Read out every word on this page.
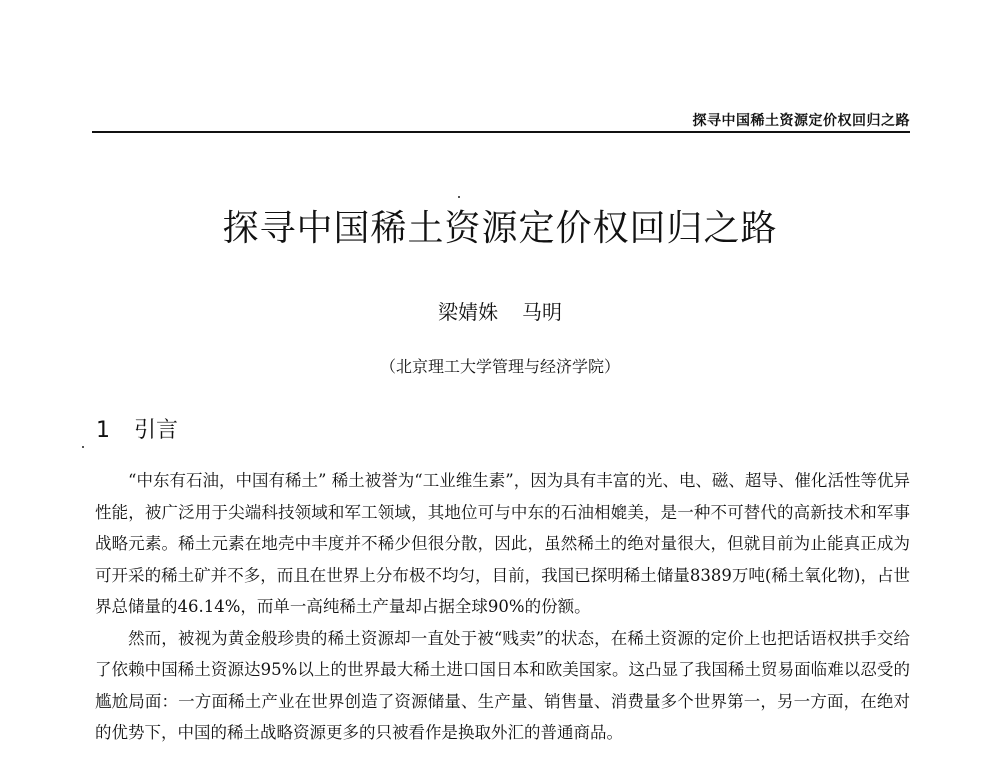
探寻中国稀土资源定价权回归之路
探寻中国稀土资源定价权回归之路
梁婧姝 马明
（北京理工大学管理与经济学院）
1 引言

“中东有石油，中国有稀土” 稀土被誉为“工业维生素”，因为具有丰富的光、电、磁、超导、催化活性等优异性能，被广泛用于尖端科技领域和军工领域，其地位可与中东的石油相媲美，是一种不可替代的高新技术和军事战略元素。稀土元素在地壳中丰度并不稀少但很分散，因此，虽然稀土的绝对量很大，但就目前为止能真正成为可开采的稀土矿并不多，而且在世界上分布极不均匀，目前，我国已探明稀土储量8389万吨(稀土氧化物)，占世界总储量的46.14%，而单一高纯稀土产量却占据全球90%的份额。

然而，被视为黄金般珍贵的稀土资源却一直处于被“贱卖”的状态，在稀土资源的定价上也把话语权拱手交给了依赖中国稀土资源达95%以上的世界最大稀土进口国日本和欧美国家。这凸显了我国稀土贸易面临难以忍受的尴尬局面：一方面稀土产业在世界创造了资源储量、生产量、销售量、消费量多个世界第一，另一方面，在绝对的优势下，中国的稀土战略资源更多的只被看作是换取外汇的普通商品。
